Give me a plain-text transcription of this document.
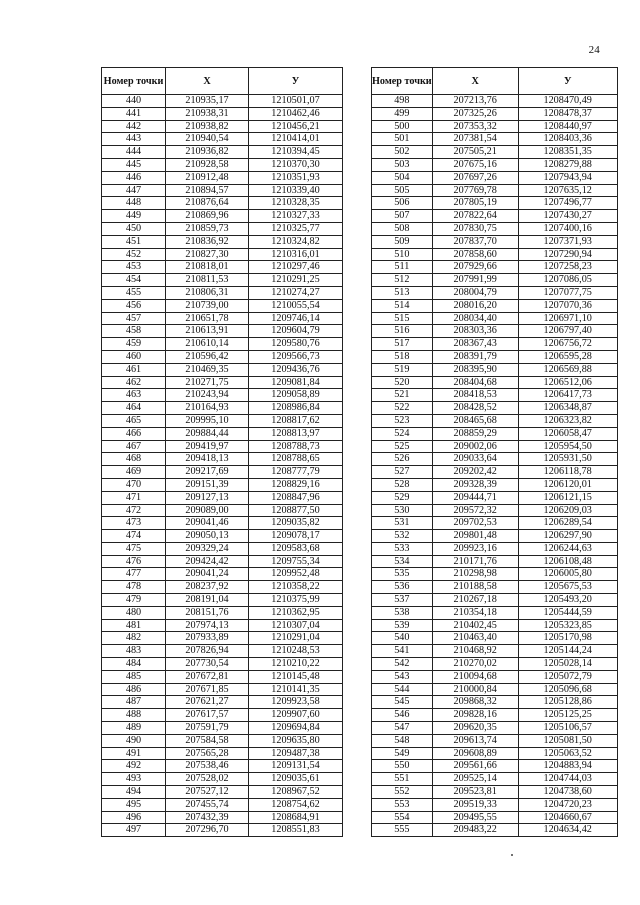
24
Номер точки	X	У
440	210935,17	1210501,07
441	210938,31	1210462,46
442	210938,82	1210456,21
443	210940,54	1210414,01
444	210936,82	1210394,45
445	210928,58	1210370,30
446	210912,48	1210351,93
447	210894,57	1210339,40
448	210876,64	1210328,35
449	210869,96	1210327,33
450	210859,73	1210325,77
451	210836,92	1210324,82
452	210827,30	1210316,01
453	210818,01	1210297,46
454	210811,53	1210291,25
455	210806,31	1210274,27
456	210739,00	1210055,54
457	210651,78	1209746,14
458	210613,91	1209604,79
459	210610,14	1209580,76
460	210596,42	1209566,73
461	210469,35	1209436,76
462	210271,75	1209081,84
463	210243,94	1209058,89
464	210164,93	1208986,84
465	209995,10	1208817,62
466	209884,44	1208813,97
467	209419,97	1208788,73
468	209418,13	1208788,65
469	209217,69	1208777,79
470	209151,39	1208829,16
471	209127,13	1208847,96
472	209089,00	1208877,50
473	209041,46	1209035,82
474	209050,13	1209078,17
475	209329,24	1209583,68
476	209424,42	1209755,34
477	209041,24	1209952,48
478	208237,92	1210358,22
479	208191,04	1210375,99
480	208151,76	1210362,95
481	207974,13	1210307,04
482	207933,89	1210291,04
483	207826,94	1210248,53
484	207730,54	1210210,22
485	207672,81	1210145,48
486	207671,85	1210141,35
487	207621,27	1209923,58
488	207617,57	1209907,60
489	207591,79	1209694,84
490	207584,58	1209635,80
491	207565,28	1209487,38
492	207538,46	1209131,54
493	207528,02	1209035,61
494	207527,12	1208967,52
495	207455,74	1208754,62
496	207432,39	1208684,91
497	207296,70	1208551,83
Номер точки	X	У
498	207213,76	1208470,49
499	207325,26	1208478,37
500	207353,32	1208440,97
501	207381,54	1208403,36
502	207505,21	1208351,35
503	207675,16	1208279,88
504	207697,26	1207943,94
505	207769,78	1207635,12
506	207805,19	1207496,77
507	207822,64	1207430,27
508	207830,75	1207400,16
509	207837,70	1207371,93
510	207858,60	1207290,94
511	207929,66	1207258,23
512	207991,99	1207086,05
513	208004,79	1207077,75
514	208016,20	1207070,36
515	208034,40	1206971,10
516	208303,36	1206797,40
517	208367,43	1206756,72
518	208391,79	1206595,28
519	208395,90	1206569,88
520	208404,68	1206512,06
521	208418,53	1206417,73
522	208428,52	1206348,87
523	208465,68	1206323,82
524	208859,29	1206058,47
525	209002,06	1205954,50
526	209033,64	1205931,50
527	209202,42	1206118,78
528	209328,39	1206120,01
529	209444,71	1206121,15
530	209572,32	1206209,03
531	209702,53	1206289,54
532	209801,48	1206297,90
533	209923,16	1206244,63
534	210171,76	1206108,48
535	210298,98	1206005,80
536	210188,58	1205675,53
537	210267,18	1205493,20
538	210354,18	1205444,59
539	210402,45	1205323,85
540	210463,40	1205170,98
541	210468,92	1205144,24
542	210270,02	1205028,14
543	210094,68	1205072,79
544	210000,84	1205096,68
545	209868,32	1205128,86
546	209828,16	1205125,25
547	209620,35	1205106,57
548	209613,74	1205081,50
549	209608,89	1205063,52
550	209561,66	1204883,94
551	209525,14	1204744,03
552	209523,81	1204738,60
553	209519,33	1204720,23
554	209495,55	1204660,67
555	209483,22	1204634,42
